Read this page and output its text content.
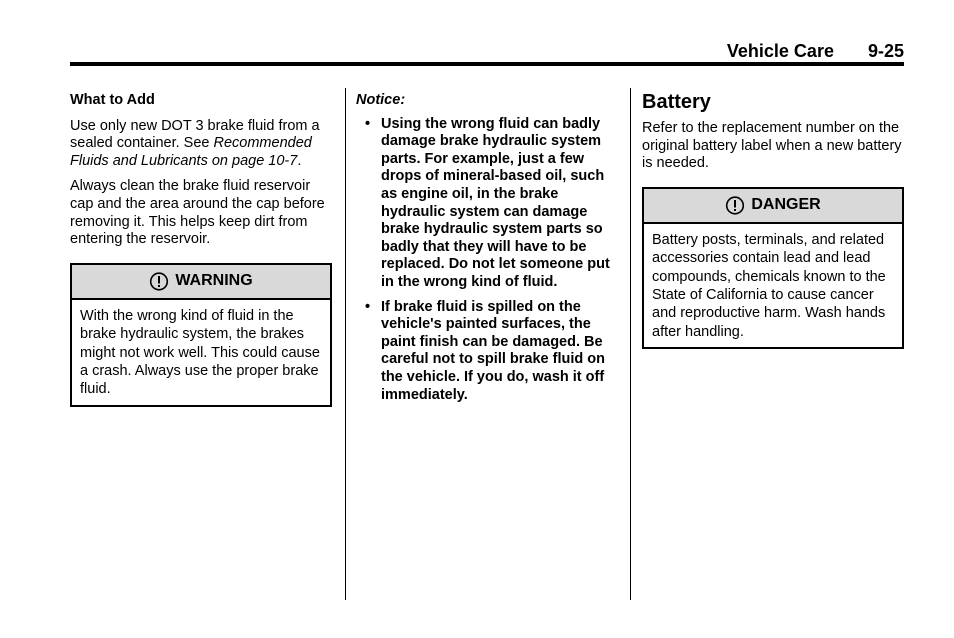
Vehicle Care 9-25

What to Add

Use only new DOT 3 brake fluid from a sealed container. See Recommended Fluids and Lubricants on page 10-7.

Always clean the brake fluid reservoir cap and the area around the cap before removing it. This helps keep dirt from entering the reservoir.

WARNING
With the wrong kind of fluid in the brake hydraulic system, the brakes might not work well. This could cause a crash. Always use the proper brake fluid.

Notice:

• Using the wrong fluid can badly damage brake hydraulic system parts. For example, just a few drops of mineral-based oil, such as engine oil, in the brake hydraulic system can damage brake hydraulic system parts so badly that they will have to be replaced. Do not let someone put in the wrong kind of fluid.
• If brake fluid is spilled on the vehicle's painted surfaces, the paint finish can be damaged. Be careful not to spill brake fluid on the vehicle. If you do, wash it off immediately.

Battery

Refer to the replacement number on the original battery label when a new battery is needed.

DANGER
Battery posts, terminals, and related accessories contain lead and lead compounds, chemicals known to the State of California to cause cancer and reproductive harm. Wash hands after handling.
